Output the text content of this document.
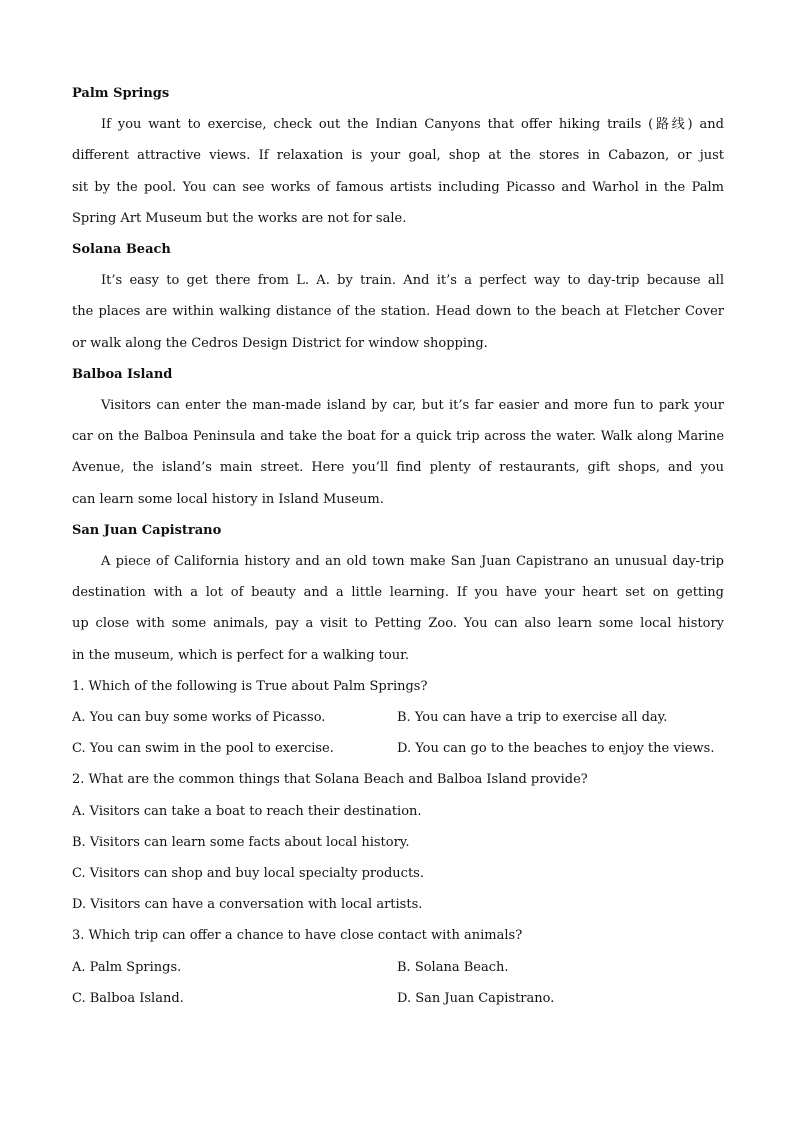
Palm Springs
If you want to exercise, check out the Indian Canyons that offer hiking trails (路线) and
different attractive views. If relaxation is your goal, shop at the stores in Cabazon, or just
sit by the pool. You can see works of famous artists including Picasso and Warhol in the Palm
Spring Art Museum but the works are not for sale.
Solana Beach
It’s easy to get there from L. A. by train. And it’s a perfect way to day-trip because all
the places are within walking distance of the station. Head down to the beach at Fletcher Cover
or walk along the Cedros Design District for window shopping.
Balboa Island
Visitors can enter the man-made island by car, but it’s far easier and more fun to park your
car on the Balboa Peninsula and take the boat for a quick trip across the water. Walk along Marine
Avenue, the island’s main street. Here you’ll find plenty of restaurants, gift shops, and you
can learn some local history in Island Museum.
San Juan Capistrano
A piece of California history and an old town make San Juan Capistrano an unusual day-trip
destination with a lot of beauty and a little learning. If you have your heart set on getting
up close with some animals, pay a visit to Petting Zoo. You can also learn some local history
in the museum, which is perfect for a walking tour.
1. Which of the following is True about Palm Springs?
A. You can buy some works of Picasso.	B. You can have a trip to exercise all day.
C. You can swim in the pool to exercise.	D. You can go to the beaches to enjoy the views.
2. What are the common things that Solana Beach and Balboa Island provide?
A. Visitors can take a boat to reach their destination.
B. Visitors can learn some facts about local history.
C. Visitors can shop and buy local specialty products.
D. Visitors can have a conversation with local artists.
3. Which trip can offer a chance to have close contact with animals?
A. Palm Springs.	B. Solana Beach.
C. Balboa Island.	D. San Juan Capistrano.
